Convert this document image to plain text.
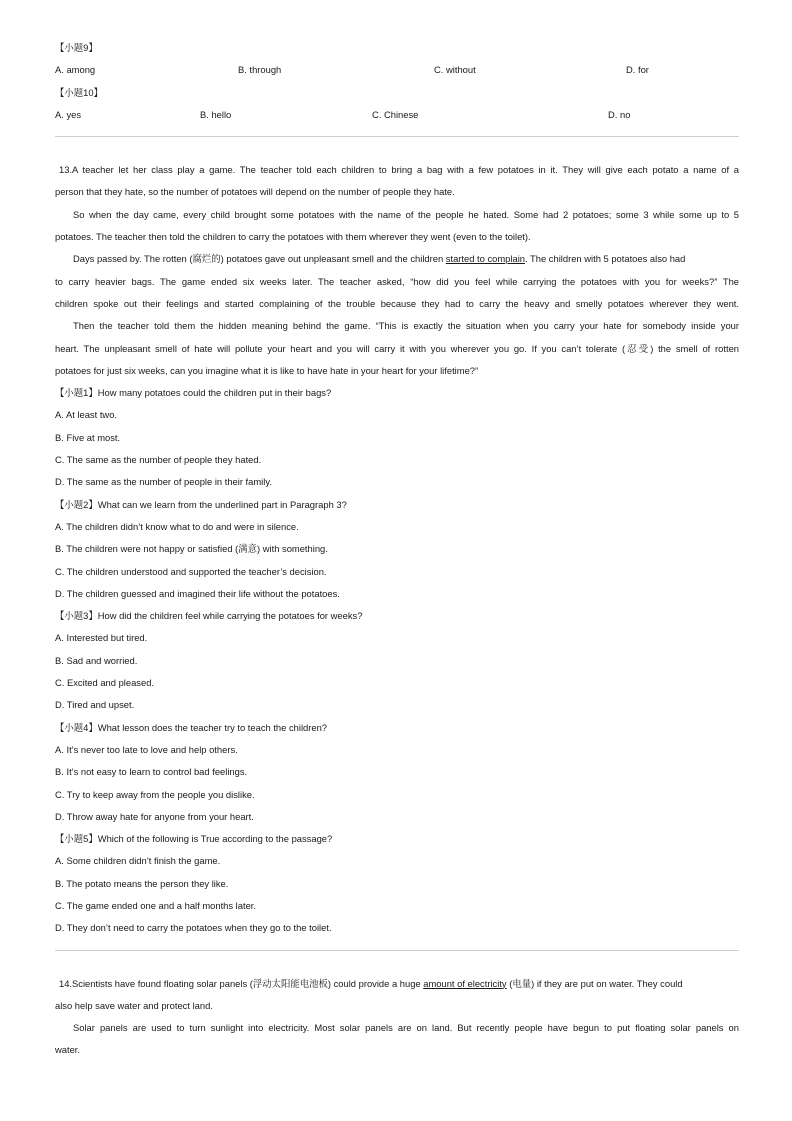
【小题9】
A. among	B. through	C. without	D. for
【小题10】
A. yes	B. hello	C. Chinese	D. no
13.A teacher let her class play a game. The teacher told each children to bring a bag with a few potatoes in it. They will give each potato a name of a
person that they hate, so the number of potatoes will depend on the number of people they hate.
So when the day came, every child brought some potatoes with the name of the people he hated. Some had 2 potatoes; some 3 while some up to 5
potatoes. The teacher then told the children to carry the potatoes with them wherever they went (even to the toilet).
Days passed by. The rotten (腐烂的) potatoes gave out unpleasant smell and the children started to complain. The children with 5 potatoes also had
to carry heavier bags. The game ended six weeks later. The teacher asked, “how did you feel while carrying the potatoes with you for weeks?” The
children spoke out their feelings and started complaining of the trouble because they had to carry the heavy and smelly potatoes wherever they went.
Then the teacher told them the hidden meaning behind the game. “This is exactly the situation when you carry your hate for somebody inside your
heart. The unpleasant smell of hate will pollute your heart and you will carry it with you wherever you go. If you can’t tolerate (忍受) the smell of rotten
potatoes for just six weeks, can you imagine what it is like to have hate in your heart for your lifetime?”
【小题1】How many potatoes could the children put in their bags?
A. At least two.
B. Five at most.
C. The same as the number of people they hated.
D. The same as the number of people in their family.
【小题2】What can we learn from the underlined part in Paragraph 3?
A. The children didn’t know what to do and were in silence.
B. The children were not happy or satisfied (满意) with something.
C. The children understood and supported the teacher’s decision.
D. The children guessed and imagined their life without the potatoes.
【小题3】How did the children feel while carrying the potatoes for weeks?
A. Interested but tired.
B. Sad and worried.
C. Excited and pleased.
D. Tired and upset.
【小题4】What lesson does the teacher try to teach the children?
A. It’s never too late to love and help others.
B. It’s not easy to learn to control bad feelings.
C. Try to keep away from the people you dislike.
D. Throw away hate for anyone from your heart.
【小题5】Which of the following is True according to the passage?
A. Some children didn’t finish the game.
B. The potato means the person they like.
C. The game ended one and a half months later.
D. They don’t need to carry the potatoes when they go to the toilet.
14.Scientists have found floating solar panels (浮动太阳能电池板) could provide a huge amount of electricity (电量) if they are put on water. They could
also help save water and protect land.
Solar panels are used to turn sunlight into electricity. Most solar panels are on land. But recently people have begun to put floating solar panels on
water.
